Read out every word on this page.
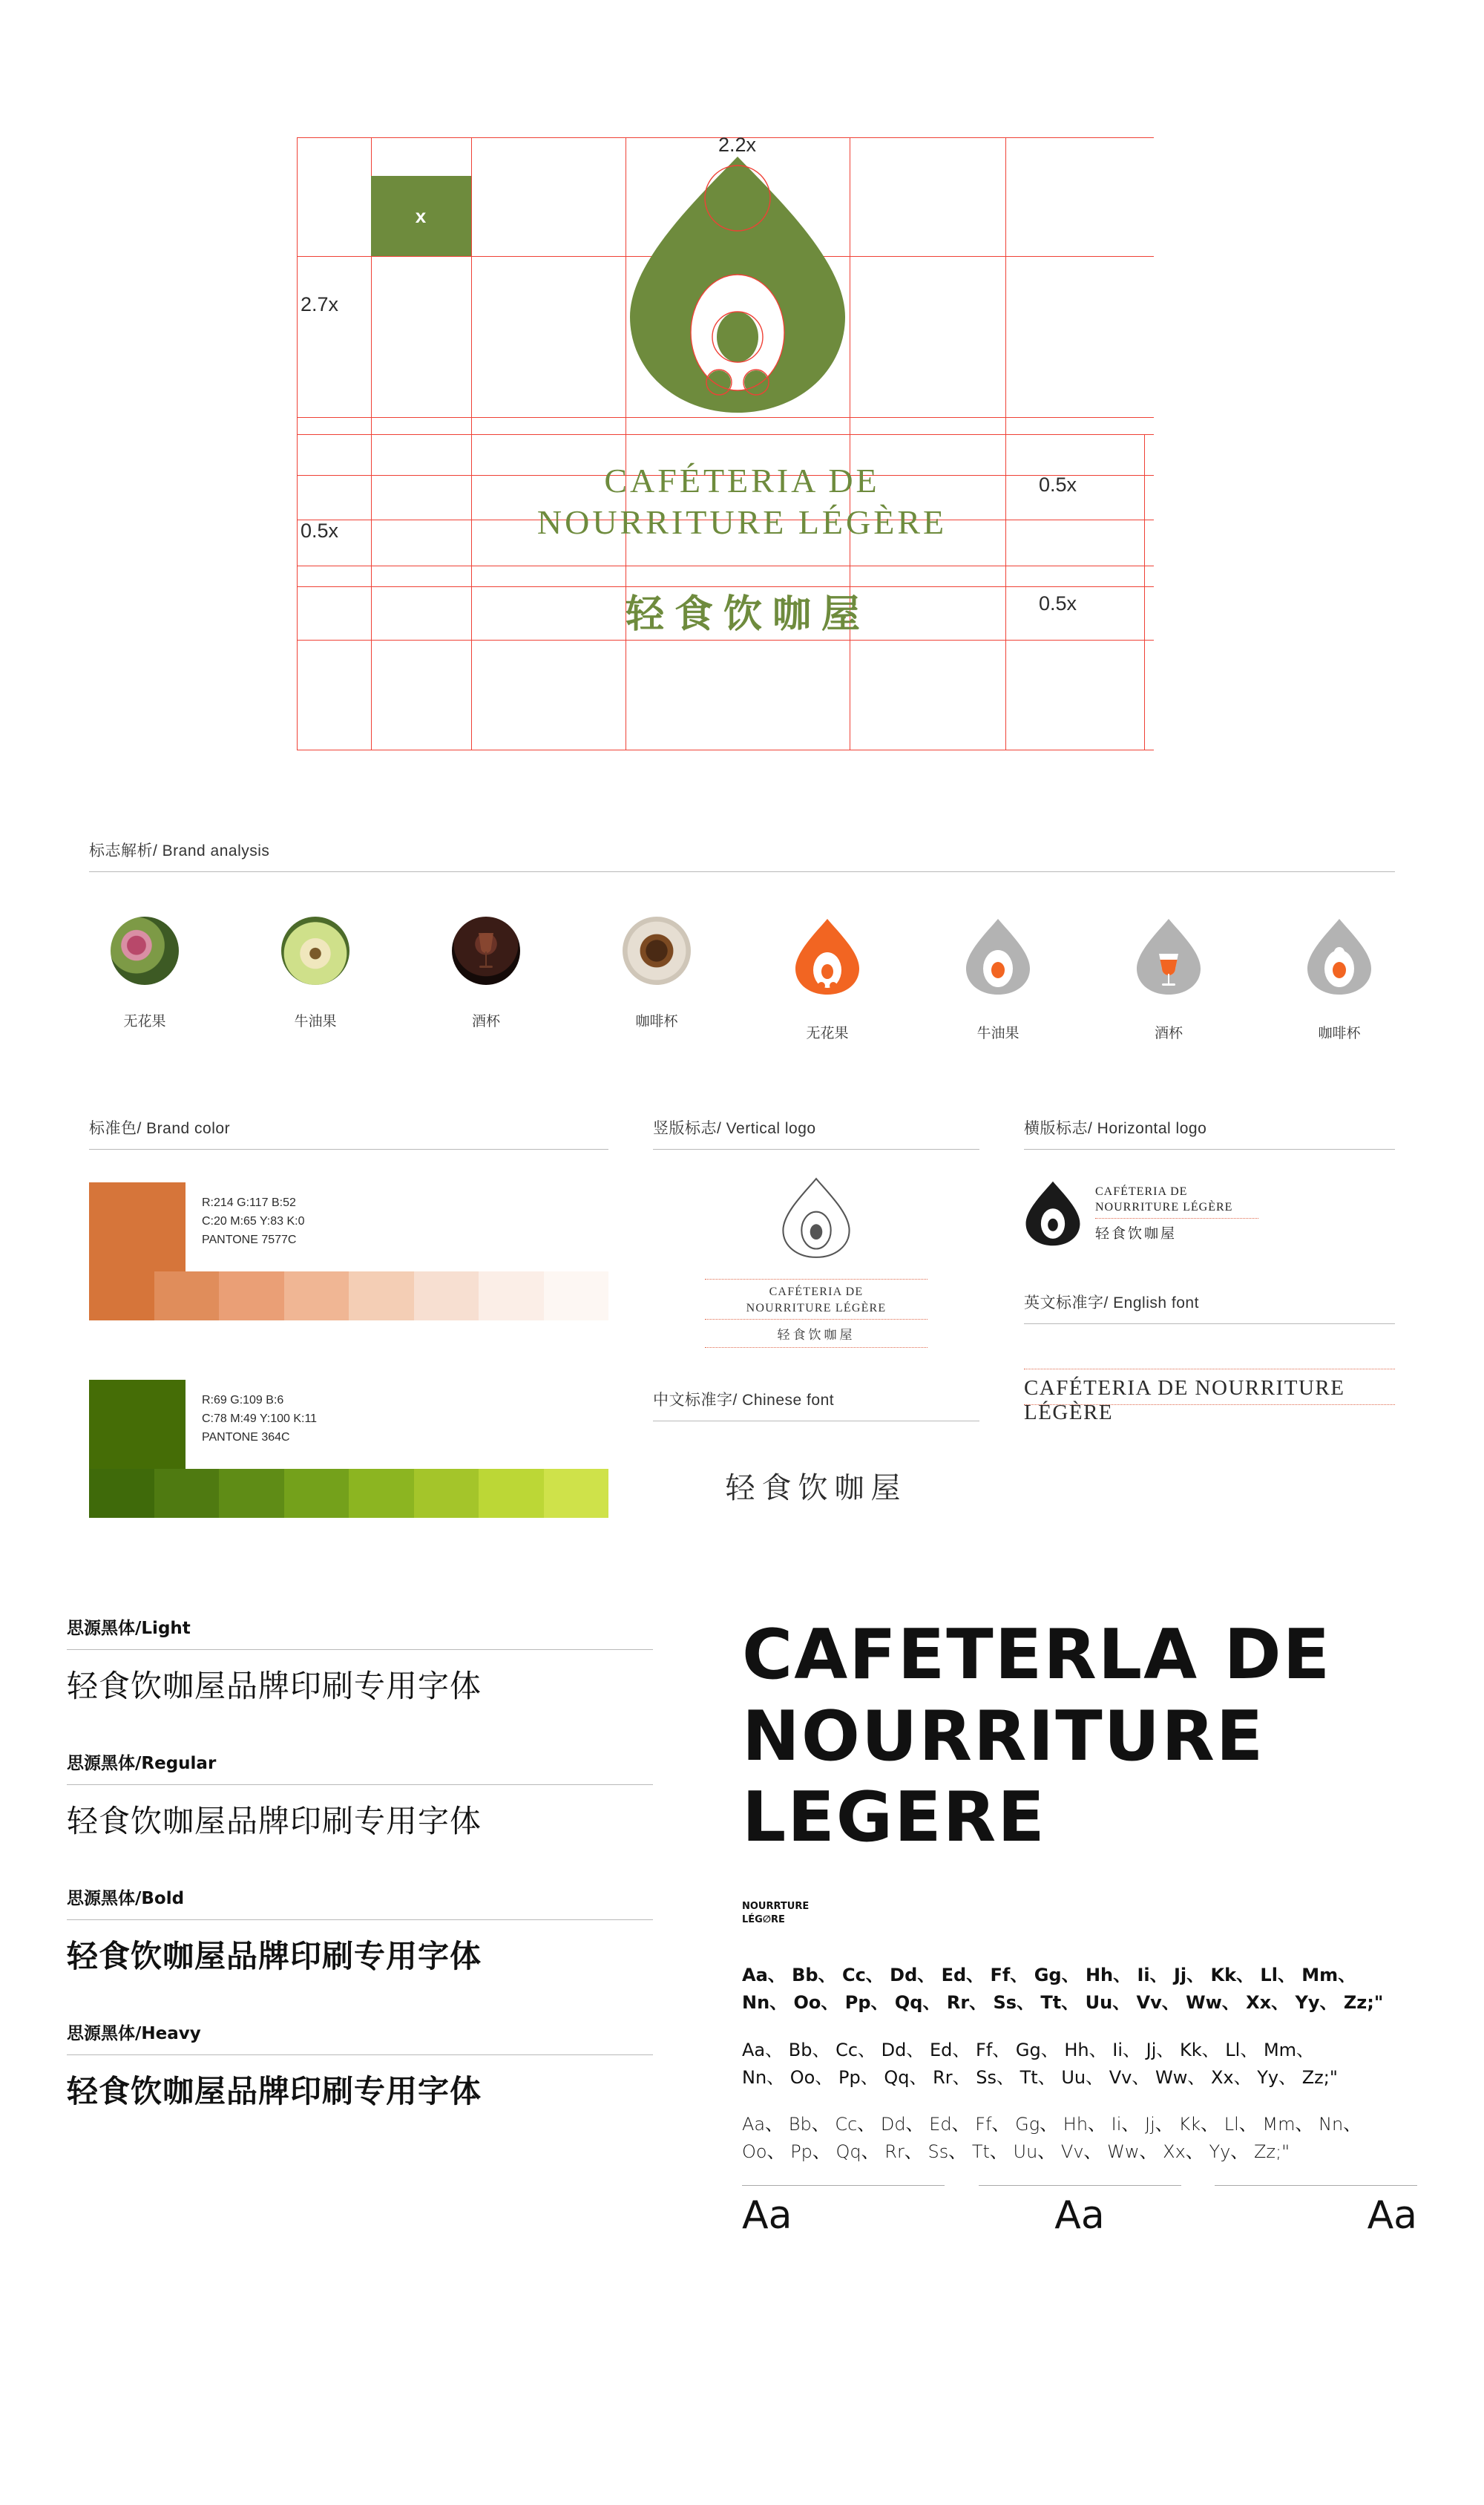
x
2.2x
2.7x
0.5x
0.5x
0.5x
CAFÉTERIA DE
NOURRITURE LÉGÈRE
轻食饮咖屋
标志解析/ Brand analysis
无花果	牛油果	酒杯	咖啡杯
无花果	牛油果	酒杯	咖啡杯
标准色/ Brand color
R:214 G:117 B:52
C:20 M:65 Y:83 K:0
PANTONE 7577C
R:69 G:109 B:6
C:78 M:49 Y:100 K:11
PANTONE 364C
竖版标志/ Vertical logo
CAFÉTERIA DE
NOURRITURE LÉGÈRE
轻食饮咖屋
中文标准字/ Chinese font
轻食饮咖屋
横版标志/ Horizontal logo
CAFÉTERIA DE
NOURRITURE LÉGÈRE
轻食饮咖屋
英文标准字/ English font
CAFÉTERIA DE NOURRITURE LÉGÈRE
思源黑体/Light
轻食饮咖屋品牌印刷专用字体
思源黑体/Regular
轻食饮咖屋品牌印刷专用字体
思源黑体/Bold
轻食饮咖屋品牌印刷专用字体
思源黑体/Heavy
轻食饮咖屋品牌印刷专用字体
CAFETERLA DE
NOURRITURE
LEGERE
NOURRTURE
LÉG∅RE
Aa、 Bb、 Cc、 Dd、 Ed、 Ff、 Gg、 Hh、 Ii、 Jj、 Kk、 Ll、 Mm、
Nn、 Oo、 Pp、 Qq、 Rr、 Ss、 Tt、 Uu、 Vv、 Ww、 Xx、 Yy、 Zz;"
Aa、 Bb、 Cc、 Dd、 Ed、 Ff、 Gg、 Hh、 Ii、 Jj、 Kk、 Ll、 Mm、
Nn、 Oo、 Pp、 Qq、 Rr、 Ss、 Tt、 Uu、 Vv、 Ww、 Xx、 Yy、 Zz;"
Aa、 Bb、 Cc、 Dd、 Ed、 Ff、 Gg、 Hh、 Ii、 Jj、 Kk、 Ll、 Mm、 Nn、
Oo、 Pp、 Qq、 Rr、 Ss、 Tt、 Uu、 Vv、 Ww、 Xx、 Yy、 Zz;"
Aa	Aa	Aa
